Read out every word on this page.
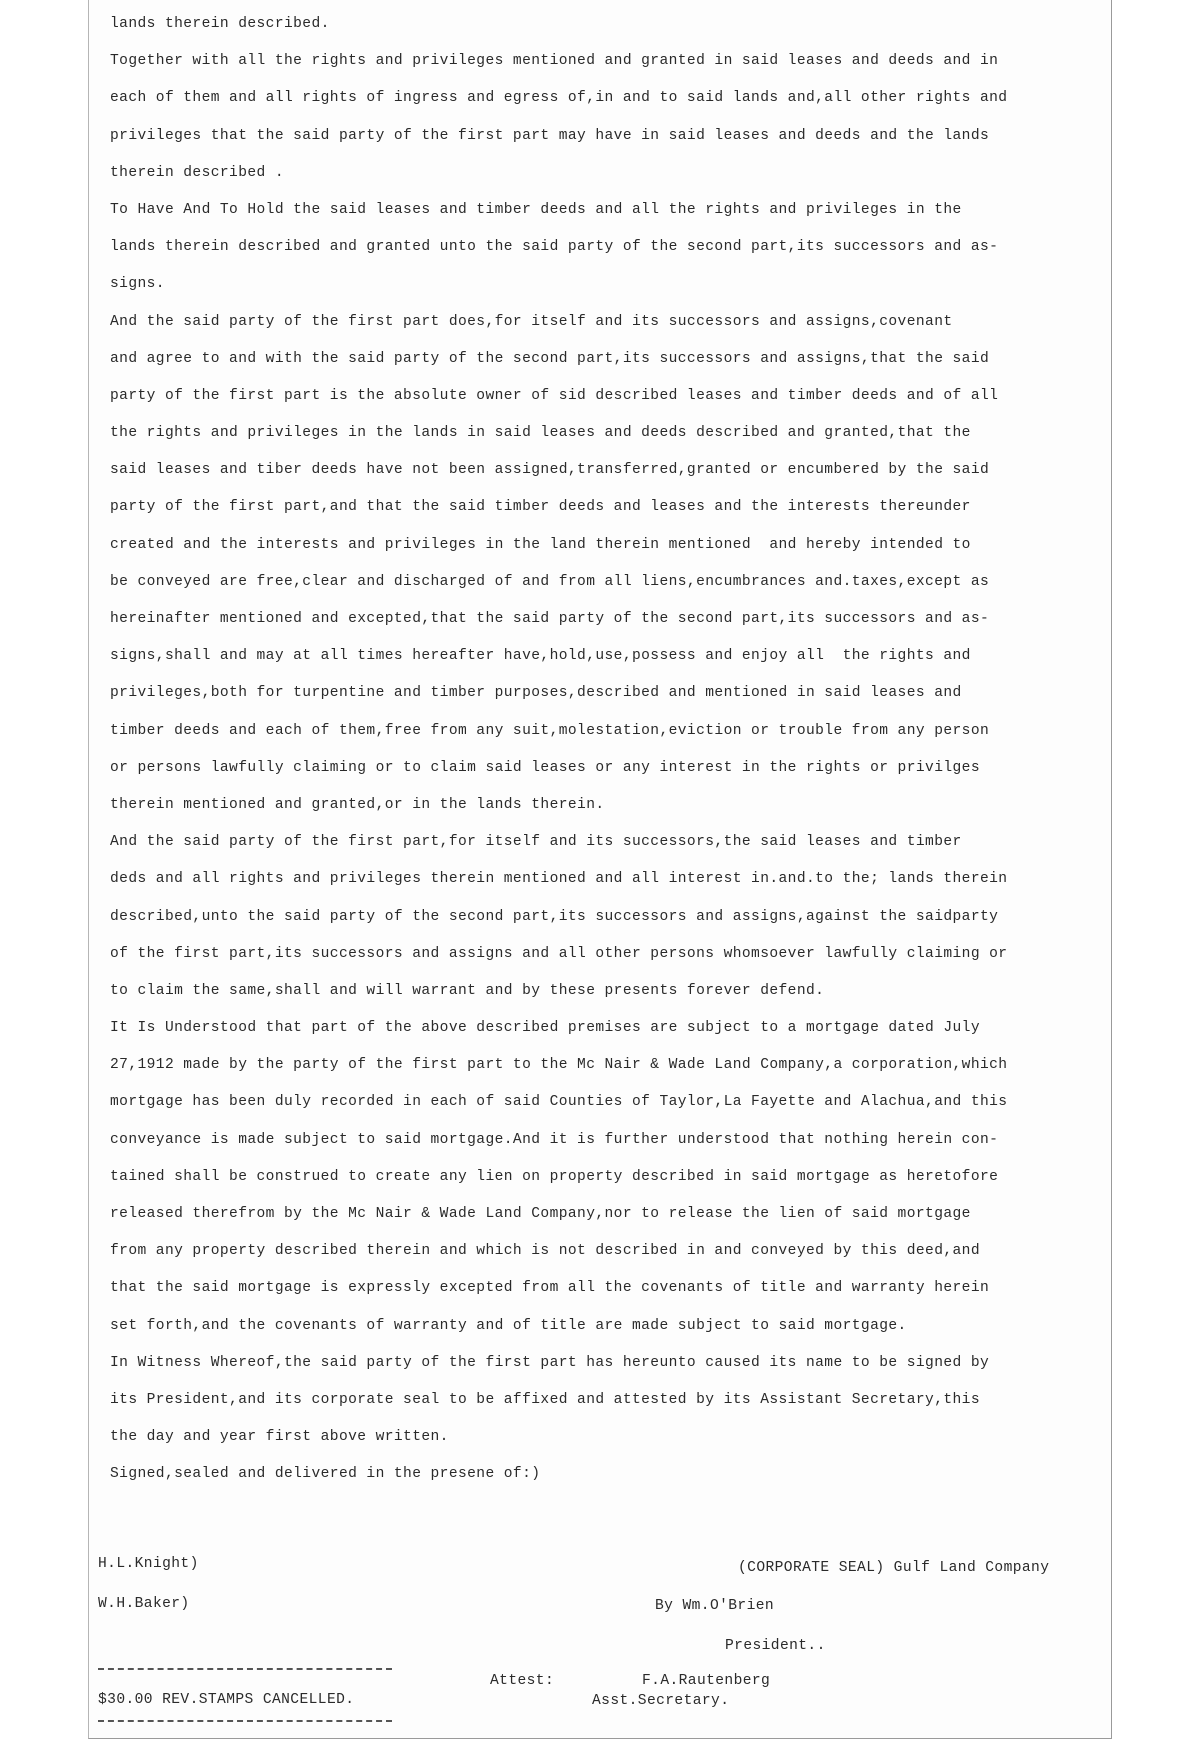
lands therein described.
Together with all the rights and privileges mentioned and granted in said leases and deeds and in
each of them and all rights of ingress and egress of,in and to said lands and,all other rights and
privileges that the said party of the first part may have in said leases and deeds and the lands
therein described .
To Have And To Hold the said leases and timber deeds and all the rights and privileges in the
lands therein described and granted unto the said party of the second part,its successors and as-
signs.
And the said party of the first part does,for itself and its successors and assigns,covenant
and agree to and with the said party of the second part,its successors and assigns,that the said
party of the first part is the absolute owner of sid described leases and timber deeds and of all
the rights and privileges in the lands in said leases and deeds described and granted,that the
said leases and tiber deeds have not been assigned,transferred,granted or encumbered by the said
party of the first part,and that the said timber deeds and leases and the interests thereunder
created and the interests and privileges in the land therein mentioned  and hereby intended to
be conveyed are free,clear and discharged of and from all liens,encumbrances and.taxes,except as
hereinafter mentioned and excepted,that the said party of the second part,its successors and as-
signs,shall and may at all times hereafter have,hold,use,possess and enjoy all  the rights and
privileges,both for turpentine and timber purposes,described and mentioned in said leases and
timber deeds and each of them,free from any suit,molestation,eviction or trouble from any person
or persons lawfully claiming or to claim said leases or any interest in the rights or privilges
therein mentioned and granted,or in the lands therein.
And the said party of the first part,for itself and its successors,the said leases and timber
deds and all rights and privileges therein mentioned and all interest in.and.to the; lands therein
described,unto the said party of the second part,its successors and assigns,against the saidparty
of the first part,its successors and assigns and all other persons whomsoever lawfully claiming or
to claim the same,shall and will warrant and by these presents forever defend.
It Is Understood that part of the above described premises are subject to a mortgage dated July
27,1912 made by the party of the first part to the Mc Nair & Wade Land Company,a corporation,which
mortgage has been duly recorded in each of said Counties of Taylor,La Fayette and Alachua,and this
conveyance is made subject to said mortgage.And it is further understood that nothing herein con-
tained shall be construed to create any lien on property described in said mortgage as heretofore
released therefrom by the Mc Nair & Wade Land Company,nor to release the lien of said mortgage
from any property described therein and which is not described in and conveyed by this deed,and
that the said mortgage is expressly excepted from all the covenants of title and warranty herein
set forth,and the covenants of warranty and of title are made subject to said mortgage.
In Witness Whereof,the said party of the first part has hereunto caused its name to be signed by
its President,and its corporate seal to be affixed and attested by its Assistant Secretary,this
the day and year first above written.
Signed,sealed and delivered in the presene of:)
H.L.Knight)
W.H.Baker)
(CORPORATE SEAL) Gulf Land Company
By Wm.O'Brien
President..
Attest:	F.A.Rautenberg
Asst.Secretary.
$30.00 REV.STAMPS CANCELLED.
